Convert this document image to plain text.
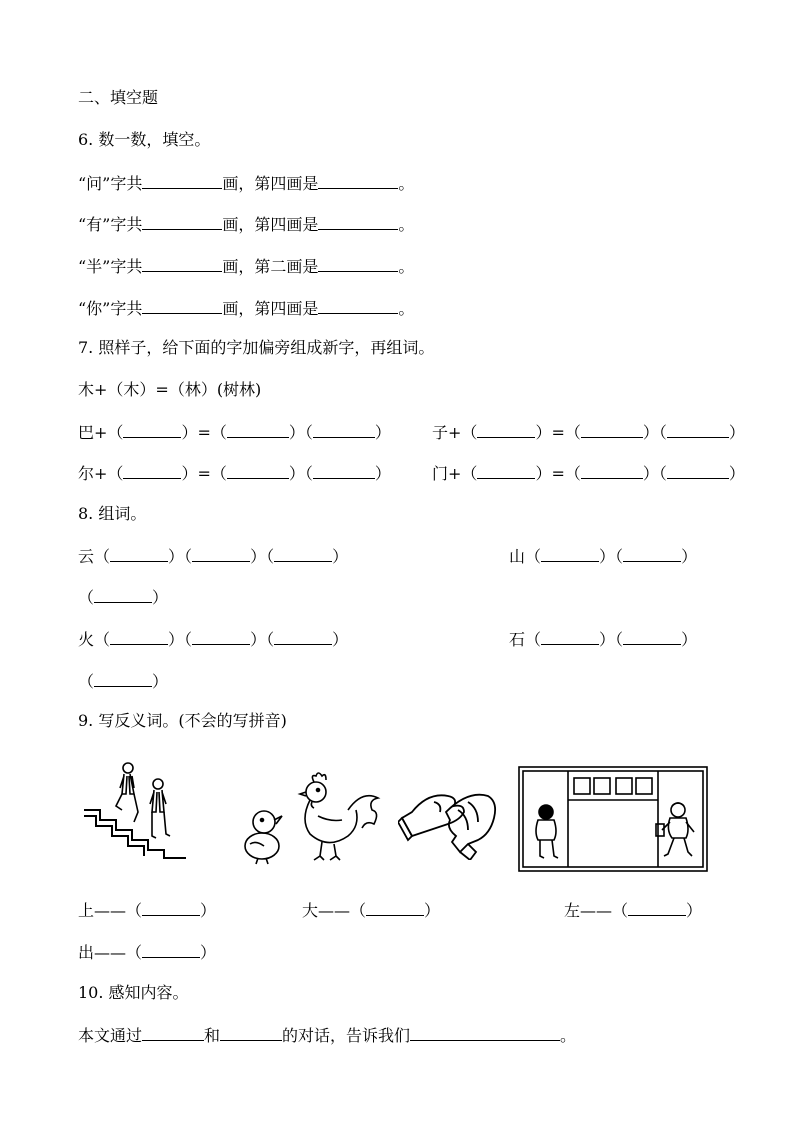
二、填空题
6. 数一数，填空。
“问”字共	画，第四画是	。
“有”字共	画，第四画是	。
“半”字共	画，第二画是	。
“你”字共	画，第四画是	。
7. 照样子，给下面的字加偏旁组成新字，再组词。
木+（木）=（林）(树林)
巴+（	）=（	）（	）	子+（	）=（	）（	）
尔+（	）=（	）（	）	门+（	）=（	）（	）
8. 组词。
云（	）（	）（	）	山（	）（	）
（	）
火（	）（	）（	）	石（	）（	）
（	）
9. 写反义词。(不会的写拼音)
上——（	）	大——（	）	左——（	）
出——（	）
10. 感知内容。
本文通过	和	的对话，告诉我们	。
